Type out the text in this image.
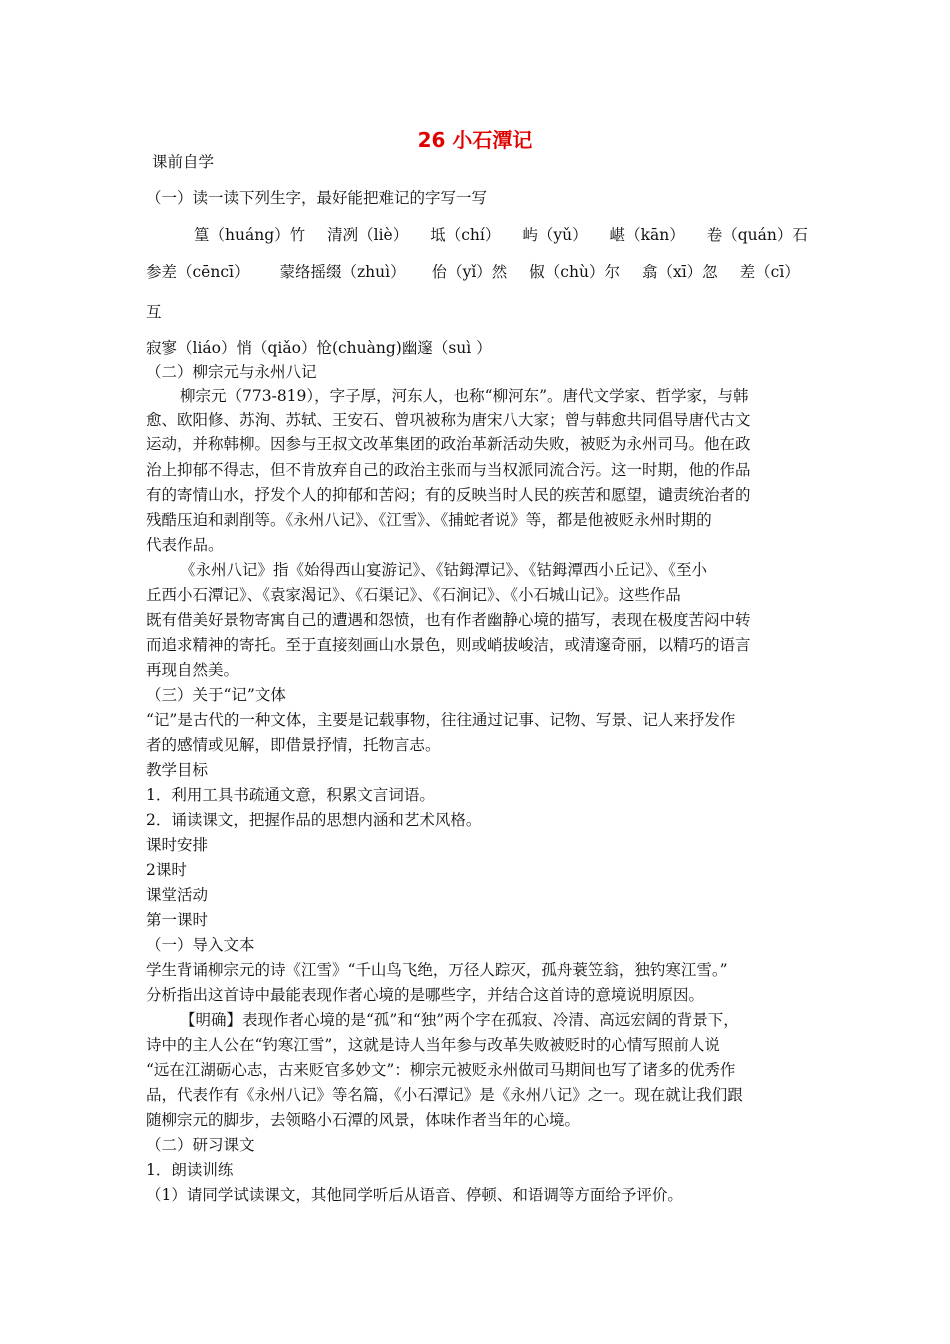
26 小石潭记
课前自学
（一）读一读下列生字，最好能把难记的字写一写
篁（huáng）竹 清冽（liè） 坻（chí） 屿（yǔ） 嵁（kān） 卷（quán）石
参差（cēncī） 蒙络摇缀（zhuì） 佁（yǐ）然 俶（chù）尔 翕（xī）忽 差（cī）
互
寂寥（liáo）悄（qiǎo）怆(chuàng)幽邃（suì ）
（二）柳宗元与永州八记
柳宗元（773-819），字子厚，河东人，也称“柳河东”。唐代文学家、哲学家，与韩
愈、欧阳修、苏洵、苏轼、王安石、曾巩被称为唐宋八大家；曾与韩愈共同倡导唐代古文
运动，并称韩柳。因参与王叔文改革集团的政治革新活动失败，被贬为永州司马。他在政
治上抑郁不得志，但不肯放弃自己的政治主张而与当权派同流合污。这一时期，他的作品
有的寄情山水，抒发个人的抑郁和苦闷；有的反映当时人民的疾苦和愿望，谴责统治者的
残酷压迫和剥削等。《永州八记》、《江雪》、《捕蛇者说》等，都是他被贬永州时期的
代表作品。
《永州八记》指《始得西山宴游记》、《钴鉧潭记》、《钴鉧潭西小丘记》、《至小
丘西小石潭记》、《袁家渴记》、《石渠记》、《石涧记》、《小石城山记》。这些作品
既有借美好景物寄寓自己的遭遇和怨愤，也有作者幽静心境的描写，表现在极度苦闷中转
而追求精神的寄托。至于直接刻画山水景色，则或峭拔峻洁，或清邃奇丽，以精巧的语言
再现自然美。
（三）关于“记”文体
“记”是古代的一种文体，主要是记载事物，往往通过记事、记物、写景、记人来抒发作
者的感情或见解，即借景抒情，托物言志。
教学目标
1．利用工具书疏通文意，积累文言词语。
2．诵读课文，把握作品的思想内涵和艺术风格。
课时安排
2课时
课堂活动
第一课时
（一）导入文本
学生背诵柳宗元的诗《江雪》“千山鸟飞绝，万径人踪灭，孤舟蓑笠翁，独钓寒江雪。”
分析指出这首诗中最能表现作者心境的是哪些字，并结合这首诗的意境说明原因。
【明确】表现作者心境的是“孤”和“独”两个字在孤寂、冷清、高远宏阔的背景下，
诗中的主人公在“钓寒江雪”，这就是诗人当年参与改革失败被贬时的心情写照前人说
“远在江湖砺心志，古来贬官多妙文”：柳宗元被贬永州做司马期间也写了诸多的优秀作
品，代表作有《永州八记》等名篇，《小石潭记》是《永州八记》之一。现在就让我们跟
随柳宗元的脚步，去领略小石潭的风景，体味作者当年的心境。
（二）研习课文
1．朗读训练
（1）请同学试读课文，其他同学听后从语音、停顿、和语调等方面给予评价。
